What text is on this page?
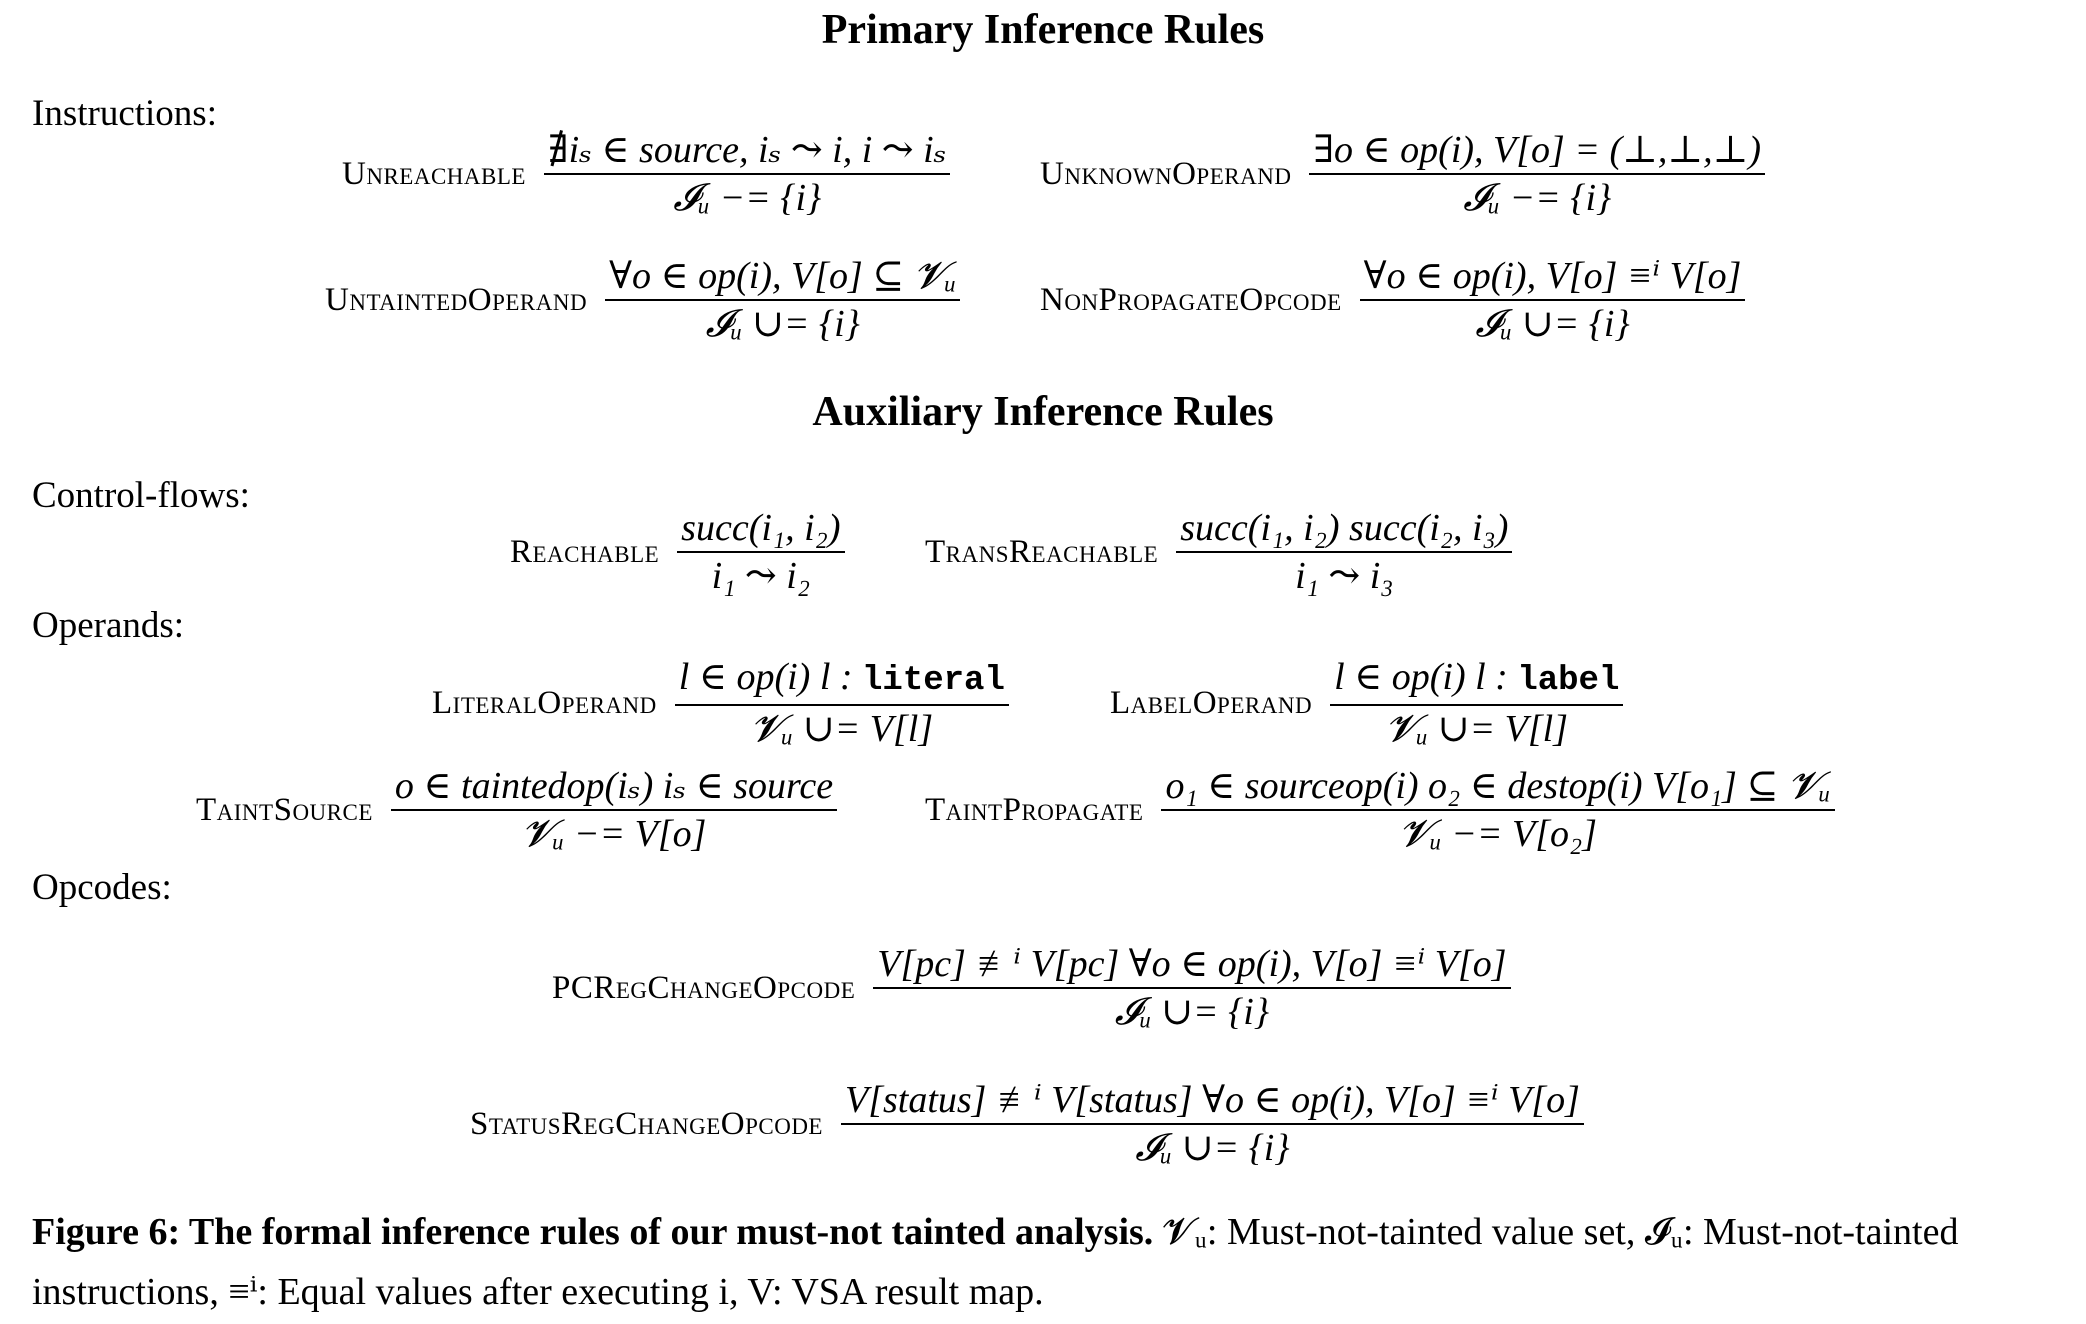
Primary Inference Rules
Auxiliary Inference Rules
Instructions:
Control-flows:
Operands:
Opcodes:
Unreachable $\frac{\text{∄iₛ ∈ source, iₛ ⤳ i, i ⤳ iₛ}}{\text{𝓘ᵤ −= \{i\}}}$	UnknownOperand $\frac{\exists o \in op(i), V[o] = (\perp,\perp,\perp)}{\text{𝓘ᵤ −= \{i\}}}$
UntaintedOperand $\frac{\text{∀o ∈ op(i), V[o] ⊆ 𝓥ᵤ}}{\text{𝓘ᵤ ∪= \{i\}}}$ NonPropagateOpcode $\frac{\text{∀o ∈ op(i), V[o] ≡ⁱ V[o]}}{\text{𝓘ᵤ ∪= \{i\}}}$
Reachable $\frac{\text{succ(i₁, i₂)}}{\text{i₁ ⤳ i₂}}$ TransReachable $\frac{\text{succ(i₁, i₂) succ(i₂, i₃)}}{\text{i₁ ⤳ i₃}}$
LiteralOperand $\frac{\text{l ∈ op(i) l : literal}}{\text{𝓥ᵤ ∪= V[l]}}$	LabelOperand $\frac{\text{l ∈ op(i) l : label}}{\text{𝓥ᵤ ∪= V[l]}}$
TaintSource $\frac{\text{o ∈ taintedop(iₛ) iₛ ∈ source}}{\text{𝓥ᵤ −= V[o]}}$	TaintPropagate $\frac{\text{o₁ ∈ sourceop(i) o₂ ∈ destop(i) V[o₁] ⊆ 𝓥ᵤ}}{\text{𝓥ᵤ −= V[o₂]}}$
PCRegChangeOpcode $\frac{\text{V[pc] ≢ⁱ V[pc] ∀o ∈ op(i), V[o] ≡ⁱ V[o]}}{\text{𝓘ᵤ ∪= \{i\}}}$
StatusRegChangeOpcode $\frac{\text{V[status] ≢ⁱ V[status] ∀o ∈ op(i), V[o] ≡ⁱ V[o]}}{\text{𝓘ᵤ ∪= \{i\}}}$
Figure 6: The formal inference rules of our must-not tainted analysis. 𝓥ᵤ: Must-not-tainted value set, 𝓘ᵤ: Must-not-tainted instructions, ≡ⁱ: Equal values after executing i, V: VSA result map.
